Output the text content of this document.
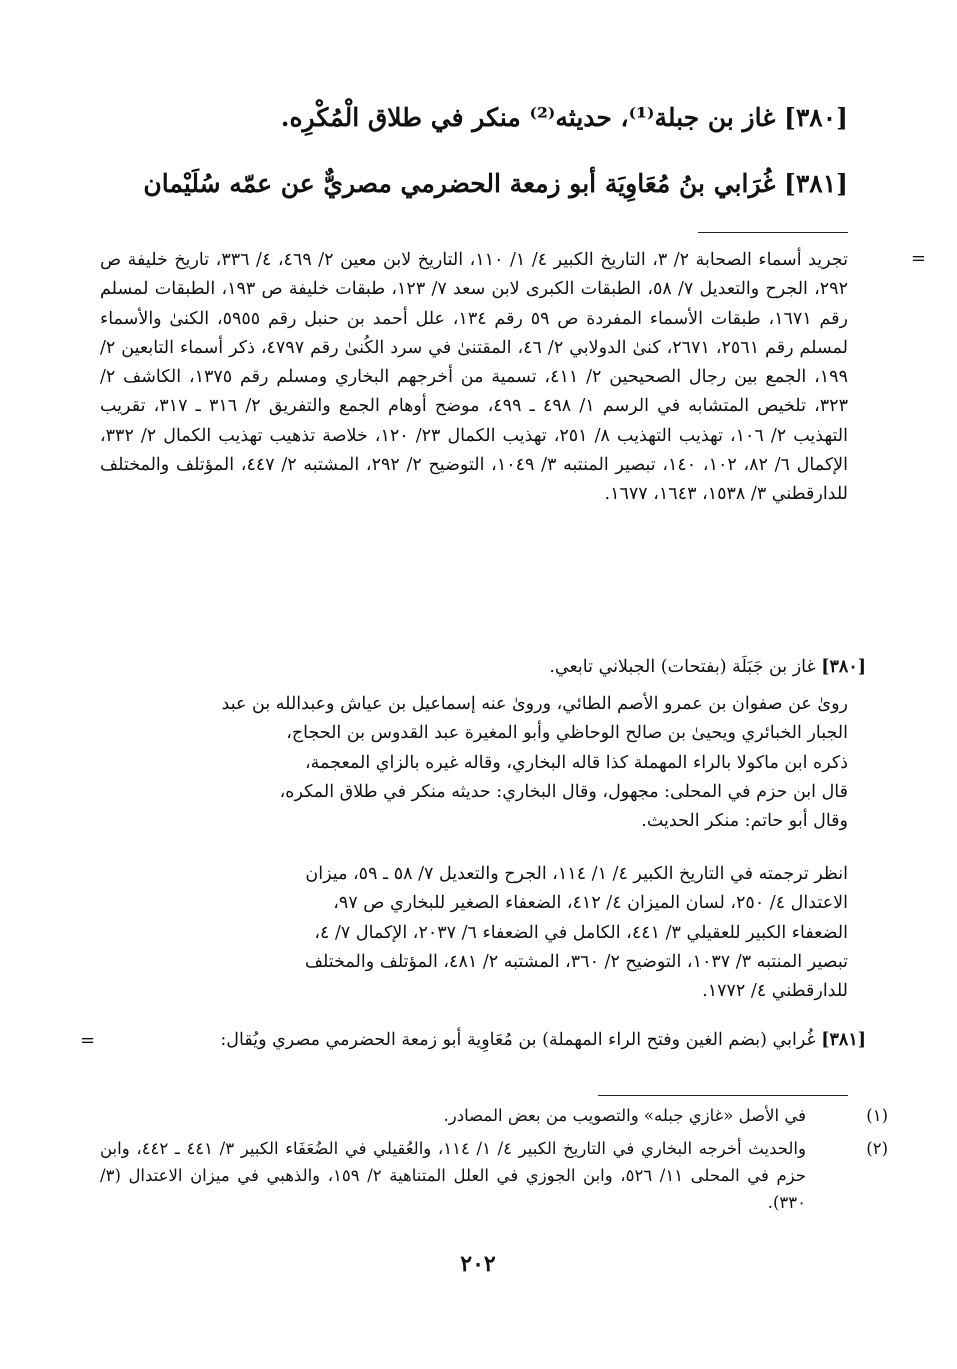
[٣٨٠] غاز بن جبلة⁽¹⁾، حديثه⁽²⁾ منكر في طلاق الْمُكْرِه.
[٣٨١] غُرَابي بنُ مُعَاوِيَة أبو زمعة الحضرمي مصريٌّ عن عمّه سُلَيْمان
=

تجريد أسماء الصحابة ٢/ ٣، التاريخ الكبير ٤/ ١/ ١١٠، التاريخ لابن معين ٢/ ٤٦٩، ٤/ ٣٣٦، تاريخ خليفة ص ٢٩٢، الجرح والتعديل ٧/ ٥٨، الطبقات الكبرى لابن سعد ٧/ ١٢٣، طبقات خليفة ص ١٩٣، الطبقات لمسلم رقم ١٦٧١، طبقات الأسماء المفردة ص ٥٩ رقم ١٣٤، علل أحمد بن حنبل رقم ٥٩٥٥، الكنىٰ والأسماء لمسلم رقم ٢٥٦١، ٢٦٧١، كنىٰ الدولابي ٢/ ٤٦، المقتنىٰ في سرد الكُنىٰ رقم ٤٧٩٧، ذكر أسماء التابعين ٢/ ١٩٩، الجمع بين رجال الصحيحين ٢/ ٤١١، تسمية من أخرجهم البخاري ومسلم رقم ١٣٧٥، الكاشف ٢/ ٣٢٣، تلخيص المتشابه في الرسم ١/ ٤٩٨ ـ ٤٩٩، موضح أوهام الجمع والتفريق ٢/ ٣١٦ ـ ٣١٧، تقريب التهذيب ٢/ ١٠٦، تهذيب التهذيب ٨/ ٢٥١، تهذيب الكمال ٢٣/ ١٢٠، خلاصة تذهيب تهذيب الكمال ٢/ ٣٣٢، الإكمال ٦/ ٨٢، ١٠٢، ١٤٠، تبصير المنتبه ٣/ ١٠٤٩، التوضيح ٢/ ٢٩٢، المشتبه ٢/ ٤٤٧، المؤتلف والمختلف للدارقطني ٣/ ١٥٣٨، ١٦٤٣، ١٦٧٧.

[٣٨٠] غاز بن جَبَلَة (بفتحات) الجبلاني تابعي.
روىٰ عن صفوان بن عمرو الأصم الطائي، وروىٰ عنه إسماعيل بن عياش وعبدالله بن عبد
الجبار الخبائري ويحيىٰ بن صالح الوحاظي وأبو المغيرة عبد القدوس بن الحجاج،
ذكره ابن ماكولا بالراء المهملة كذا قاله البخاري، وقاله غيره بالزاي المعجمة،
قال ابن حزم في المحلى: مجهول، وقال البخاري: حديثه منكر في طلاق المكره،
وقال أبو حاتم: منكر الحديث.
انظر ترجمته في التاريخ الكبير ٤/ ١/ ١١٤، الجرح والتعديل ٧/ ٥٨ ـ ٥٩، ميزان
الاعتدال ٤/ ٢٥٠، لسان الميزان ٤/ ٤١٢، الضعفاء الصغير للبخاري ص ٩٧،
الضعفاء الكبير للعقيلي ٣/ ٤٤١، الكامل في الضعفاء ٦/ ٢٠٣٧، الإكمال ٧/ ٤،
تبصير المنتبه ٣/ ١٠٣٧، التوضيح ٢/ ٣٦٠، المشتبه ٢/ ٤٨١، المؤتلف والمختلف
للدارقطني ٤/ ١٧٧٢.
[٣٨١] غُرابي (بضم الغين وفتح الراء المهملة) بن مُعَاوِية أبو زمعة الحضرمي مصري ويُقال:
=
(١)
في الأصل «غازي جبله» والتصويب من بعض المصادر.
(٢)
والحديث أخرجه البخاري في التاريخ الكبير ٤/ ١/ ١١٤، والعُقيلي في الضُعَفَاء الكبير ٣/ ٤٤١ ـ ٤٤٢، وابن حزم في المحلى ١١/ ٥٢٦، وابن الجوزي في العلل المتناهية ٢/ ١٥٩، والذهبي في ميزان الاعتدال (٣/ ٣٣٠).
٢٠٢
